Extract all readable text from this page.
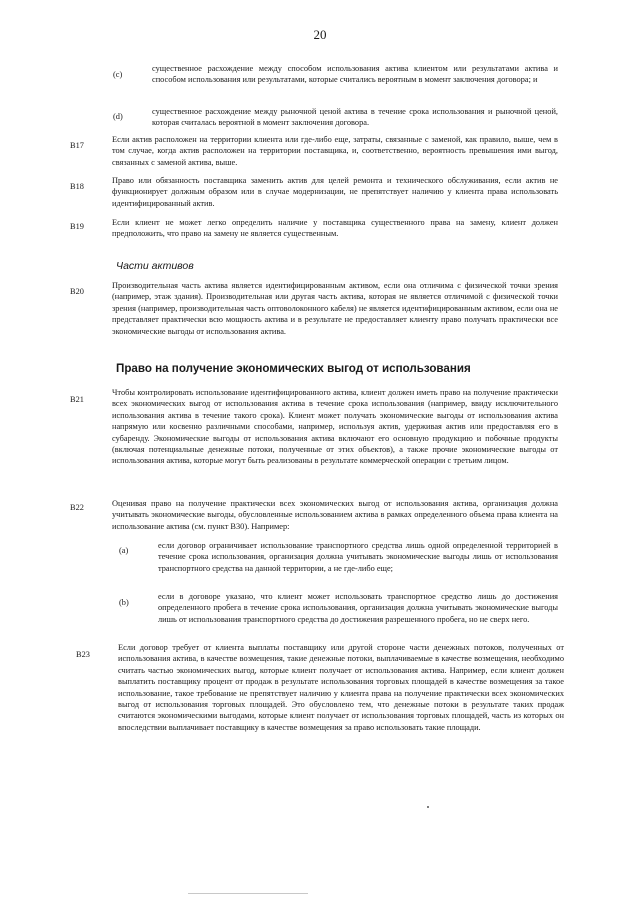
20
(c)
существенное расхождение между способом использования актива клиентом или результатами актива и способом использования или результатами, которые считались вероятным в момент заключения договора; и
(d)
существенное расхождение между рыночной ценой актива в течение срока использования и рыночной ценой, которая считалась вероятной в момент заключения договора.
B17
Если актив расположен на территории клиента или где-либо еще, затраты, связанные с заменой, как правило, выше, чем в том случае, когда актив расположен на территории поставщика, и, соответственно, вероятность превышения ими выгод, связанных с заменой актива, выше.
B18
Право или обязанность поставщика заменить актив для целей ремонта и технического обслуживания, если актив не функционирует должным образом или в случае модернизации, не препятствует наличию у клиента права использовать идентифицированный актив.
B19	Если клиент не может легко определить наличие у поставщика существенного права на замену, клиент должен предположить, что право на замену не является существенным.
Части активов
B20
Производительная часть актива является идентифицированным активом, если она отличима с физической точки зрения (например, этаж здания). Производительная или другая часть актива, которая не является отличимой с физической точки зрения (например, производительная часть оптоволоконного кабеля) не является идентифицированным активом, если она не представляет практически всю мощность актива и в результате не предоставляет клиенту право получать практически все экономические выгоды от использования актива.
Право на получение экономических выгод от использования
B21
Чтобы контролировать использование идентифицированного актива, клиент должен иметь право на получение практически всех экономических выгод от использования актива в течение срока использования (например, ввиду исключительного использования актива в течение такого срока). Клиент может получать экономические выгоды от использования актива напрямую или косвенно различными способами, например, используя актив, удерживая актив или предоставляя его в субаренду. Экономические выгоды от использования актива включают его основную продукцию и побочные продукты (включая потенциальные денежные потоки, полученные от этих объектов), а также прочие экономические выгоды от использования актива, которые могут быть реализованы в результате коммерческой операции с третьим лицом.
B22	Оценивая право на получение практически всех экономических выгод от использования актива, организация должна учитывать экономические выгоды, обусловленные использованием актива в рамках определенного объема права клиента на использование актива (см. пункт B30). Например:
(a)
если договор ограничивает использование транспортного средства лишь одной определенной территорией в течение срока использования, организация должна учитывать экономические выгоды лишь от использования транспортного средства на данной территории, а не где-либо еще;
(b)
если в договоре указано, что клиент может использовать транспортное средство лишь до достижения определенного пробега в течение срока использования, организация должна учитывать экономические выгоды лишь от использования транспортного средства до достижения разрешенного пробега, но не сверх него.
B23
Если договор требует от клиента выплаты поставщику или другой стороне части денежных потоков, полученных от использования актива, в качестве возмещения, такие денежные потоки, выплачиваемые в качестве возмещения, необходимо считать частью экономических выгод, которые клиент получает от использования актива. Например, если клиент должен выплатить поставщику процент от продаж в результате использования торговых площадей в качестве возмещения за такое использование, такое требование не препятствует наличию у клиента права на получение практически всех экономических выгод от использования торговых площадей. Это обусловлено тем, что денежные потоки в результате таких продаж считаются экономическими выгодами, которые клиент получает от использования торговых площадей, часть из которых он впоследствии выплачивает поставщику в качестве возмещения за право использовать такие площади.
